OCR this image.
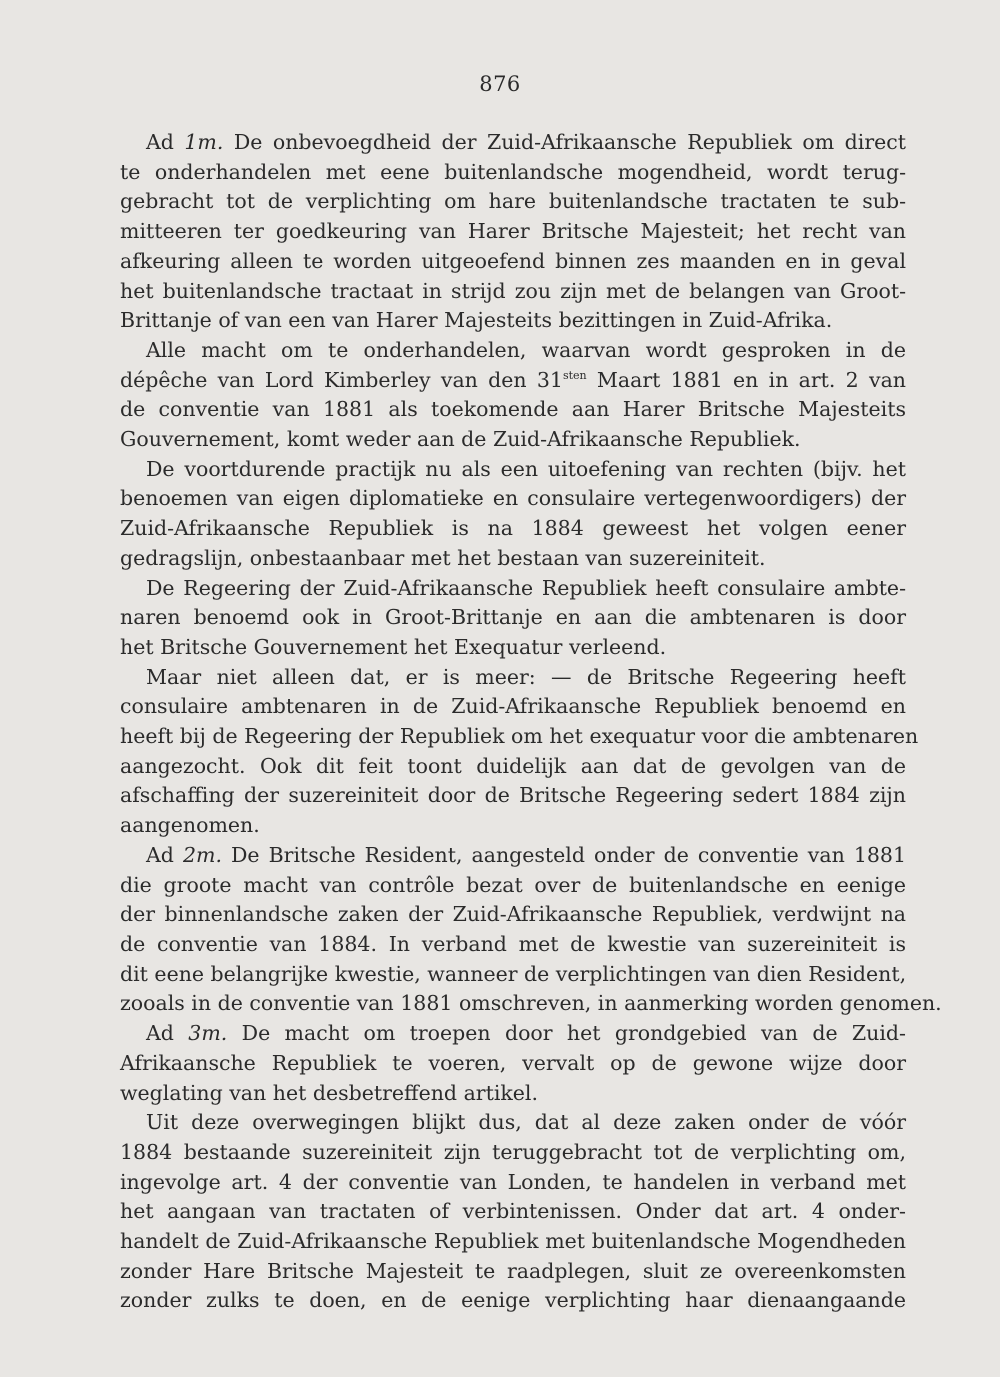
876

Ad 1m. De onbevoegdheid der Zuid-Afrikaansche Republiek om direct
te onderhandelen met eene buitenlandsche mogendheid, wordt terug-
gebracht tot de verplichting om hare buitenlandsche tractaten te sub-
mitteeren ter goedkeuring van Harer Britsche Majesteit; het recht van
afkeuring alleen te worden uitgeoefend binnen zes maanden en in geval
het buitenlandsche tractaat in strijd zou zijn met de belangen van Groot-
Brittanje of van een van Harer Majesteits bezittingen in Zuid-Afrika.

Alle macht om te onderhandelen, waarvan wordt gesproken in de
dépêche van Lord Kimberley van den $31^{sten}$ Maart 1881 en in art. 2 van
de conventie van 1881 als toekomende aan Harer Britsche Majesteits
Gouvernement, komt weder aan de Zuid-Afrikaansche Republiek.

De voortdurende practijk nu als een uitoefening van rechten (bijv. het
benoemen van eigen diplomatieke en consulaire vertegenwoordigers) der
Zuid-Afrikaansche Republiek is na 1884 geweest het volgen eener
gedragslijn, onbestaanbaar met het bestaan van suzereiniteit.

De Regeering der Zuid-Afrikaansche Republiek heeft consulaire ambte-
naren benoemd ook in Groot-Brittanje en aan die ambtenaren is door
het Britsche Gouvernement het Exequatur verleend.

Maar niet alleen dat, er is meer: — de Britsche Regeering heeft
consulaire ambtenaren in de Zuid-Afrikaansche Republiek benoemd en
heeft bij de Regeering der Republiek om het exequatur voor die ambtenaren
aangezocht. Ook dit feit toont duidelijk aan dat de gevolgen van de
afschaffing der suzereiniteit door de Britsche Regeering sedert 1884 zijn
aangenomen.

Ad 2m. De Britsche Resident, aangesteld onder de conventie van 1881
die groote macht van contrôle bezat over de buitenlandsche en eenige
der binnenlandsche zaken der Zuid-Afrikaansche Republiek, verdwijnt na
de conventie van 1884. In verband met de kwestie van suzereiniteit is
dit eene belangrijke kwestie, wanneer de verplichtingen van dien Resident,
zooals in de conventie van 1881 omschreven, in aanmerking worden genomen.

Ad 3m. De macht om troepen door het grondgebied van de Zuid-
Afrikaansche Republiek te voeren, vervalt op de gewone wijze door
weglating van het desbetreffend artikel.

Uit deze overwegingen blijkt dus, dat al deze zaken onder de vóór
1884 bestaande suzereiniteit zijn teruggebracht tot de verplichting om,
ingevolge art. 4 der conventie van Londen, te handelen in verband met
het aangaan van tractaten of verbintenissen. Onder dat art. 4 onder-
handelt de Zuid-Afrikaansche Republiek met buitenlandsche Mogendheden
zonder Hare Britsche Majesteit te raadplegen, sluit ze overeenkomsten
zonder zulks te doen, en de eenige verplichting haar dienaangaande
